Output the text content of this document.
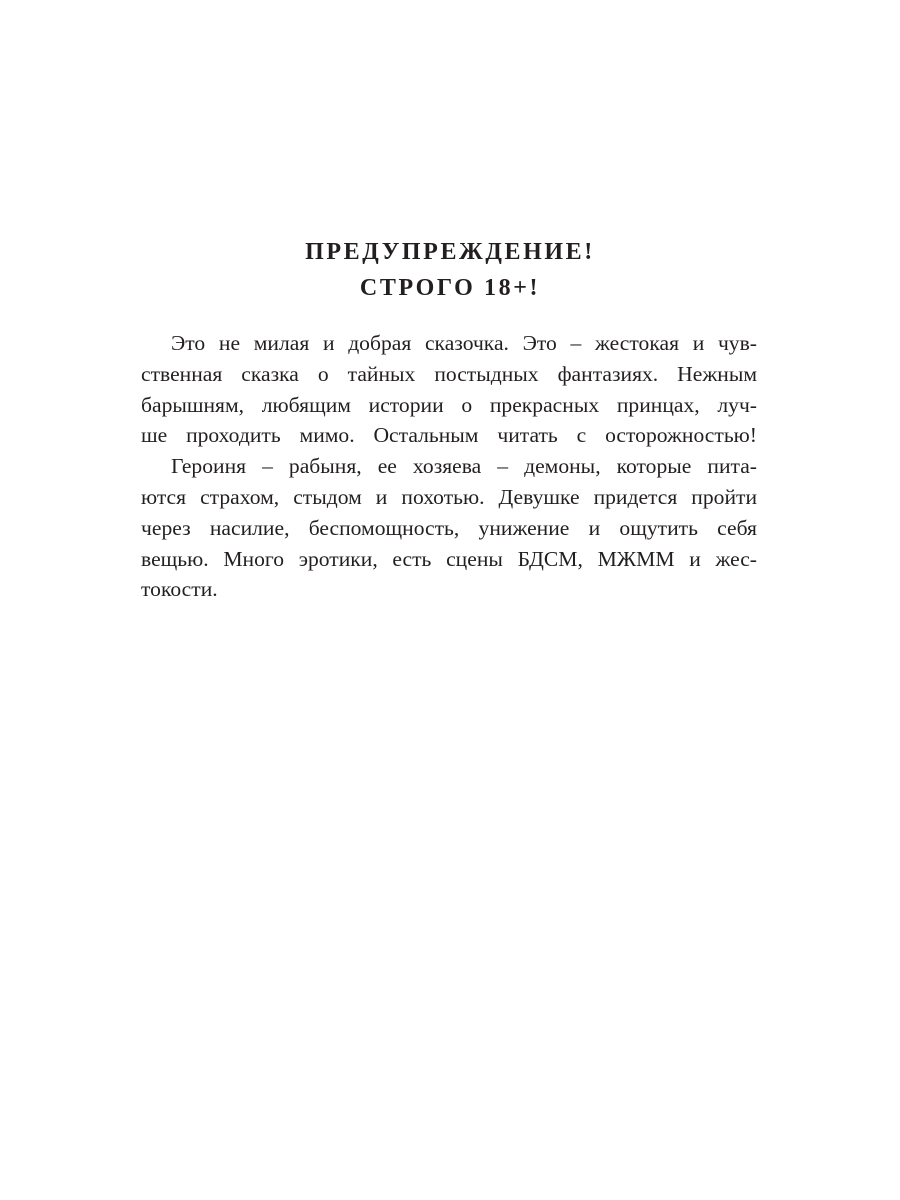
ПРЕДУПРЕЖДЕНИЕ!
СТРОГО 18+!
Это не милая и добрая сказочка. Это – жестокая и чув-
ственная сказка о тайных постыдных фантазиях. Нежным
барышням, любящим истории о прекрасных принцах, луч-
ше проходить мимо. Остальным читать с осторожностью!
Героиня – рабыня, ее хозяева – демоны, которые пита-
ются страхом, стыдом и похотью. Девушке придется пройти
через насилие, беспомощность, унижение и ощутить себя
вещью. Много эротики, есть сцены БДСМ, МЖММ и жес-
токости.
